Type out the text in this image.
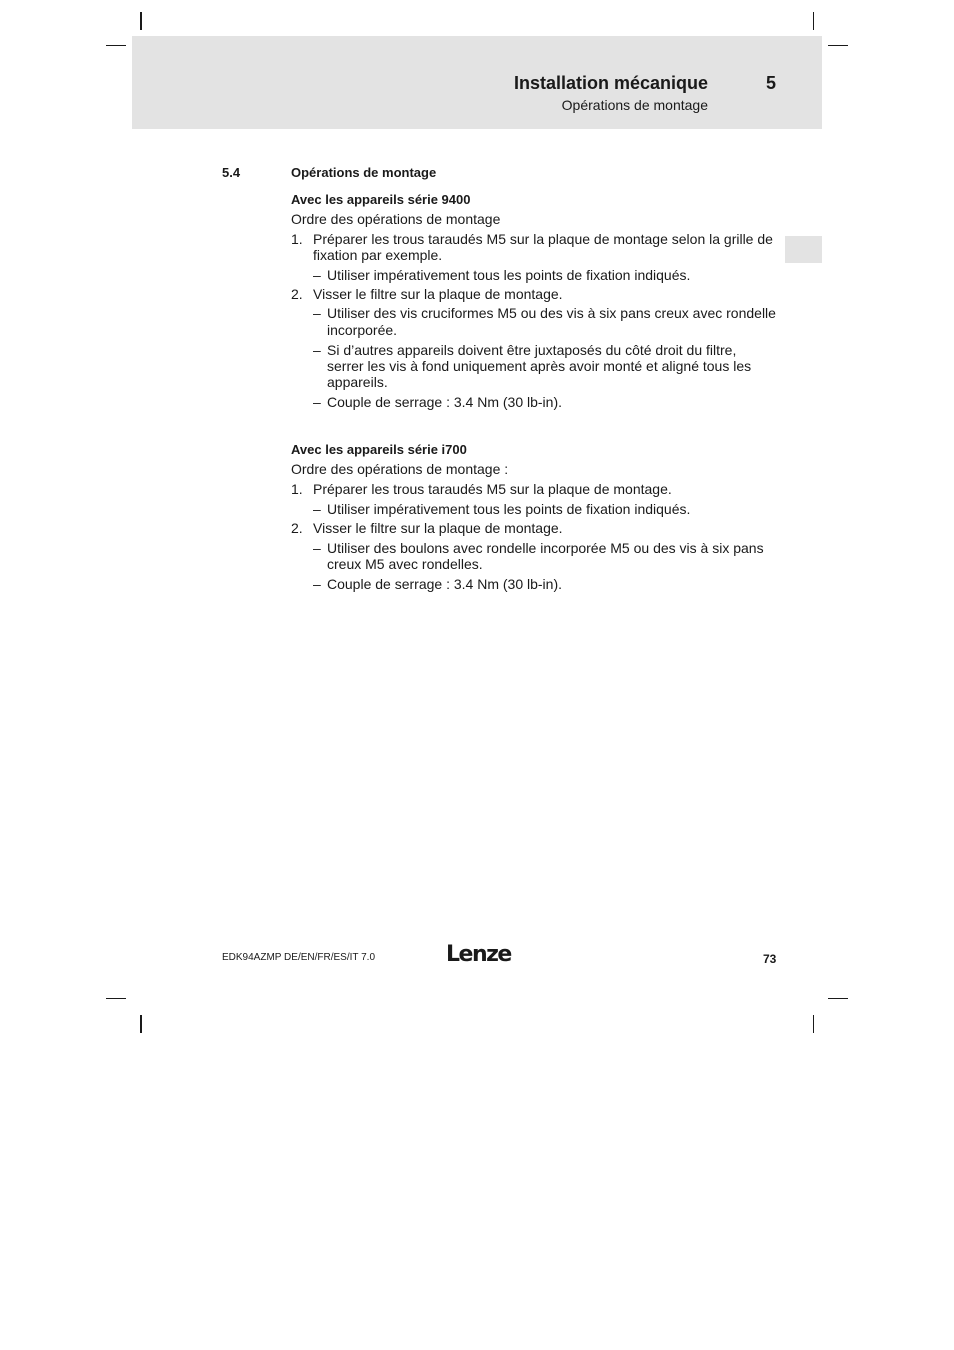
Installation mécanique	5
Opérations de montage
5.4	Opérations de montage
Avec les appareils série 9400
Ordre des opérations de montage
1. Préparer les trous taraudés M5 sur la plaque de montage selon la grille de
fixation par exemple.
– Utiliser impérativement tous les points de fixation indiqués.
2. Visser le filtre sur la plaque de montage.
– Utiliser des vis cruciformes M5 ou des vis à six pans creux avec rondelle
incorporée.
– Si d’autres appareils doivent être juxtaposés du côté droit du filtre,
serrer les vis à fond uniquement après avoir monté et aligné tous les
appareils.
– Couple de serrage : 3.4 Nm (30 lb-in).
Avec les appareils série i700
Ordre des opérations de montage :
1. Préparer les trous taraudés M5 sur la plaque de montage.
– Utiliser impérativement tous les points de fixation indiqués.
2. Visser le filtre sur la plaque de montage.
– Utiliser des boulons avec rondelle incorporée M5 ou des vis à six pans
creux M5 avec rondelles.
– Couple de serrage : 3.4 Nm (30 lb-in).
EDK94AZMP DE/EN/FR/ES/IT 7.0	Lenze	73
